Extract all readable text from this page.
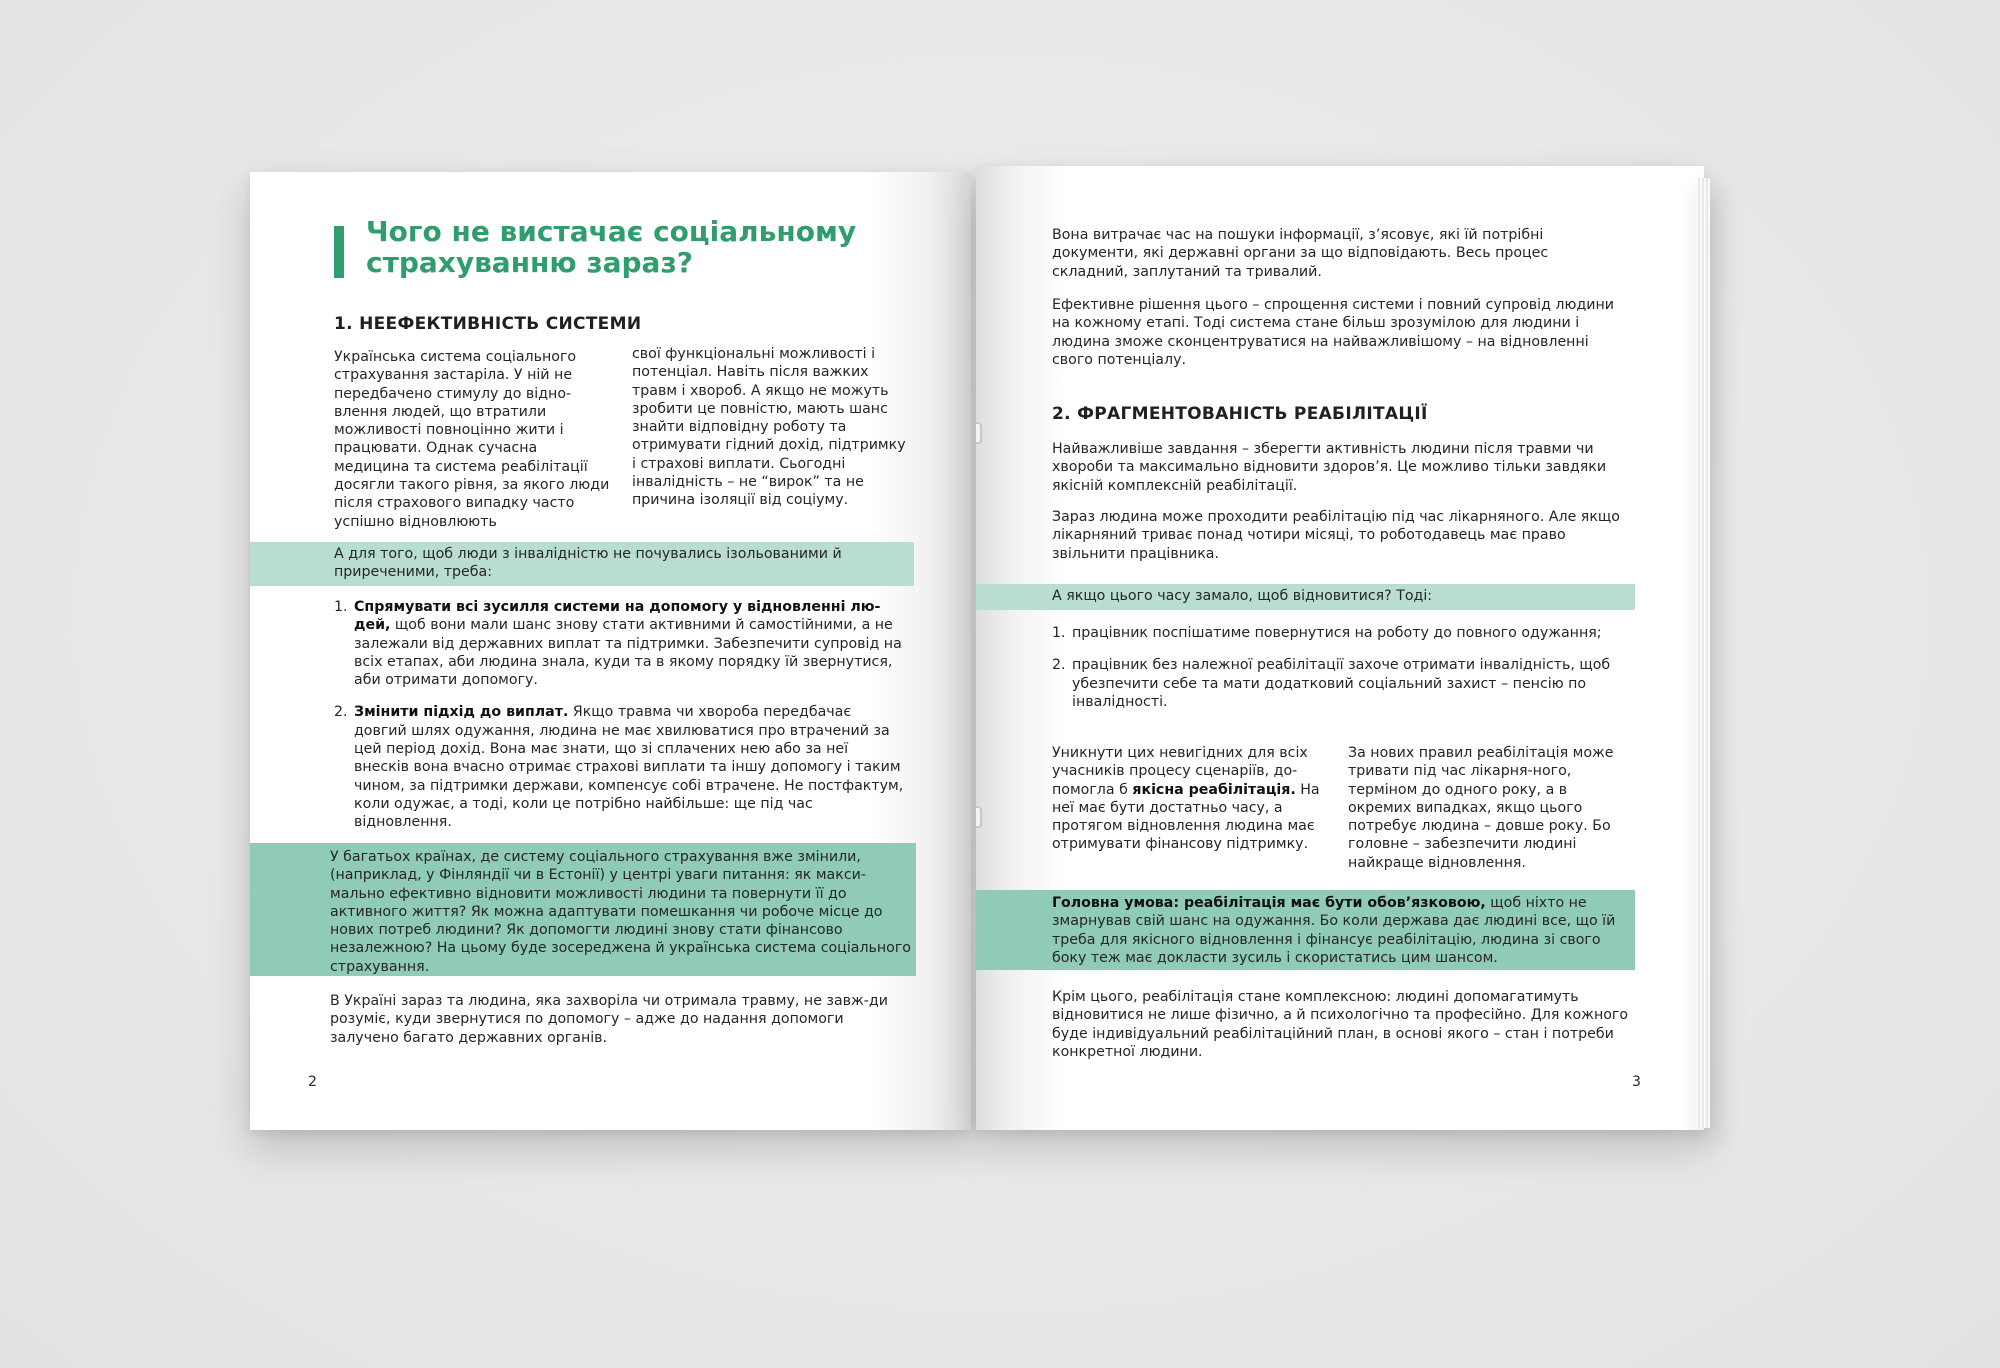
Чого не вистачає соціальному страхуванню зараз?
1. НЕЕФЕКТИВНІСТЬ СИСТЕМИ
Українська система соціального страхування застаріла. У ній не передбачено стимулу до відно-влення людей, що втратили можливості повноцінно жити і працювати. Однак сучасна медицина та система реабілітації досягли такого рівня, за якого люди після страхового випадку часто успішно відновлюють
свої функціональні можливості і потенціал. Навіть після важких травм і хвороб. А якщо не можуть зробити це повністю, мають шанс знайти відповідну роботу та отримувати гідний дохід, підтримку і страхові виплати. Сьогодні інвалідність – не “вирок” та не причина ізоляції від соціуму.
А для того, щоб люди з інвалідністю не почувались ізольованими й приреченими, треба:
1. Спрямувати всі зусилля системи на допомогу у відновленні лю-дей, щоб вони мали шанс знову стати активними й самостійними, а не залежали від державних виплат та підтримки. Забезпечити супровід на всіх етапах, аби людина знала, куди та в якому порядку їй звернутися, аби отримати допомогу.
2. Змінити підхід до виплат. Якщо травма чи хвороба передбачає довгий шлях одужання, людина не має хвилюватися про втрачений за цей період дохід. Вона має знати, що зі сплачених нею або за неї внесків вона вчасно отримає страхові виплати та іншу допомогу і таким чином, за підтримки держави, компенсує собі втрачене. Не постфактум, коли одужає, а тоді, коли це потрібно найбільше: ще під час відновлення.
У багатьох країнах, де систему соціального страхування вже змінили, (наприклад, у Фінляндії чи в Естонії) у центрі уваги питання: як макси-мально ефективно відновити можливості людини та повернути її до активного життя? Як можна адаптувати помешкання чи робоче місце до нових потреб людини? Як допомогти людині знову стати фінансово незалежною? На цьому буде зосереджена й українська система соціального страхування.
В Україні зараз та людина, яка захворіла чи отримала травму, не завж-ди розуміє, куди звернутися по допомогу – адже до надання допомоги залучено багато державних органів.
2
Вона витрачає час на пошуки інформації, з’ясовує, які їй потрібні документи, які державні органи за що відповідають. Весь процес складний, заплутаний та тривалий.
Ефективне рішення цього – спрощення системи і повний супровід людини на кожному етапі. Тоді система стане більш зрозумілою для людини і людина зможе сконцентруватися на найважливішому – на відновленні свого потенціалу.
2. ФРАГМЕНТОВАНІСТЬ РЕАБІЛІТАЦІЇ
Найважливіше завдання – зберегти активність людини після травми чи хвороби та максимально відновити здоров’я. Це можливо тільки завдяки якісній комплексній реабілітації.
Зараз людина може проходити реабілітацію під час лікарняного. Але якщо лікарняний триває понад чотири місяці, то роботодавець має право звільнити працівника.
А якщо цього часу замало, щоб відновитися? Тоді:
1. працівник поспішатиме повернутися на роботу до повного одужання;
2. працівник без належної реабілітації захоче отримати інвалідність, щоб убезпечити себе та мати додатковий соціальний захист – пенсію по інвалідності.
Уникнути цих невигідних для всіх учасників процесу сценаріїв, до-помогла б якісна реабілітація. На неї має бути достатньо часу, а протягом відновлення людина має отримувати фінансову підтримку.
За нових правил реабілітація може тривати під час лікарня-ного, терміном до одного року, а в окремих випадках, якщо цього потребує людина – довше року. Бо головне – забезпечити людині найкраще відновлення.
Головна умова: реабілітація має бути обов’язковою, щоб ніхто не змарнував свій шанс на одужання. Бо коли держава дає людині все, що їй треба для якісного відновлення і фінансує реабілітацію, людина зі свого боку теж має докласти зусиль і скористатись цим шансом.
Крім цього, реабілітація стане комплексною: людині допомагатимуть відновитися не лише фізично, а й психологічно та професійно. Для кожного буде індивідуальний реабілітаційний план, в основі якого – стан і потреби конкретної людини.
3
